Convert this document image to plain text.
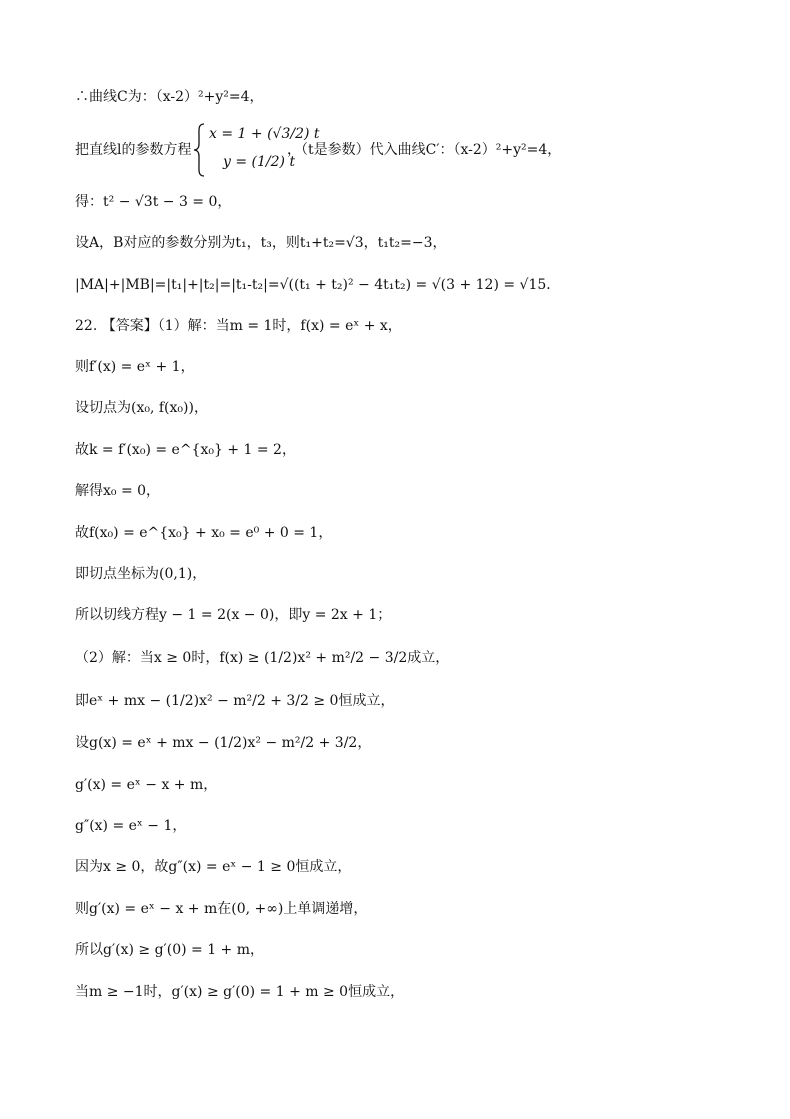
∴曲线C为：（x-2）²+y²=4，
把直线l的参数方程
x = 1 + (√3/2) t
y = (1/2) t
，（t是参数）代入曲线C′：（x-2）²+y²=4，
得：t² − √3t − 3 = 0，
设A，B对应的参数分别为t₁，t₃，则t₁+t₂=√3，t₁t₂=−3，
|MA|+|MB|=|t₁|+|t₂|=|t₁-t₂|=√((t₁ + t₂)² − 4t₁t₂) = √(3 + 12) = √15．
22. 【答案】（1）解：当m = 1时，f(x) = eˣ + x，
则f′(x) = eˣ + 1，
设切点为(x₀, f(x₀))，
故k = f′(x₀) = e^{x₀} + 1 = 2，
解得x₀ = 0，
故f(x₀) = e^{x₀} + x₀ = e⁰ + 0 = 1，
即切点坐标为(0,1)，
所以切线方程y − 1 = 2(x − 0)，即y = 2x + 1；
（2）解：当x ≥ 0时，f(x) ≥ (1/2)x² + m²/2 − 3/2成立，
即eˣ + mx − (1/2)x² − m²/2 + 3/2 ≥ 0恒成立，
设g(x) = eˣ + mx − (1/2)x² − m²/2 + 3/2，
g′(x) = eˣ − x + m，
g″(x) = eˣ − 1，
因为x ≥ 0，故g″(x) = eˣ − 1 ≥ 0恒成立，
则g′(x) = eˣ − x + m在(0, +∞)上单调递增，
所以g′(x) ≥ g′(0) = 1 + m，
当m ≥ −1时，g′(x) ≥ g′(0) = 1 + m ≥ 0恒成立，
